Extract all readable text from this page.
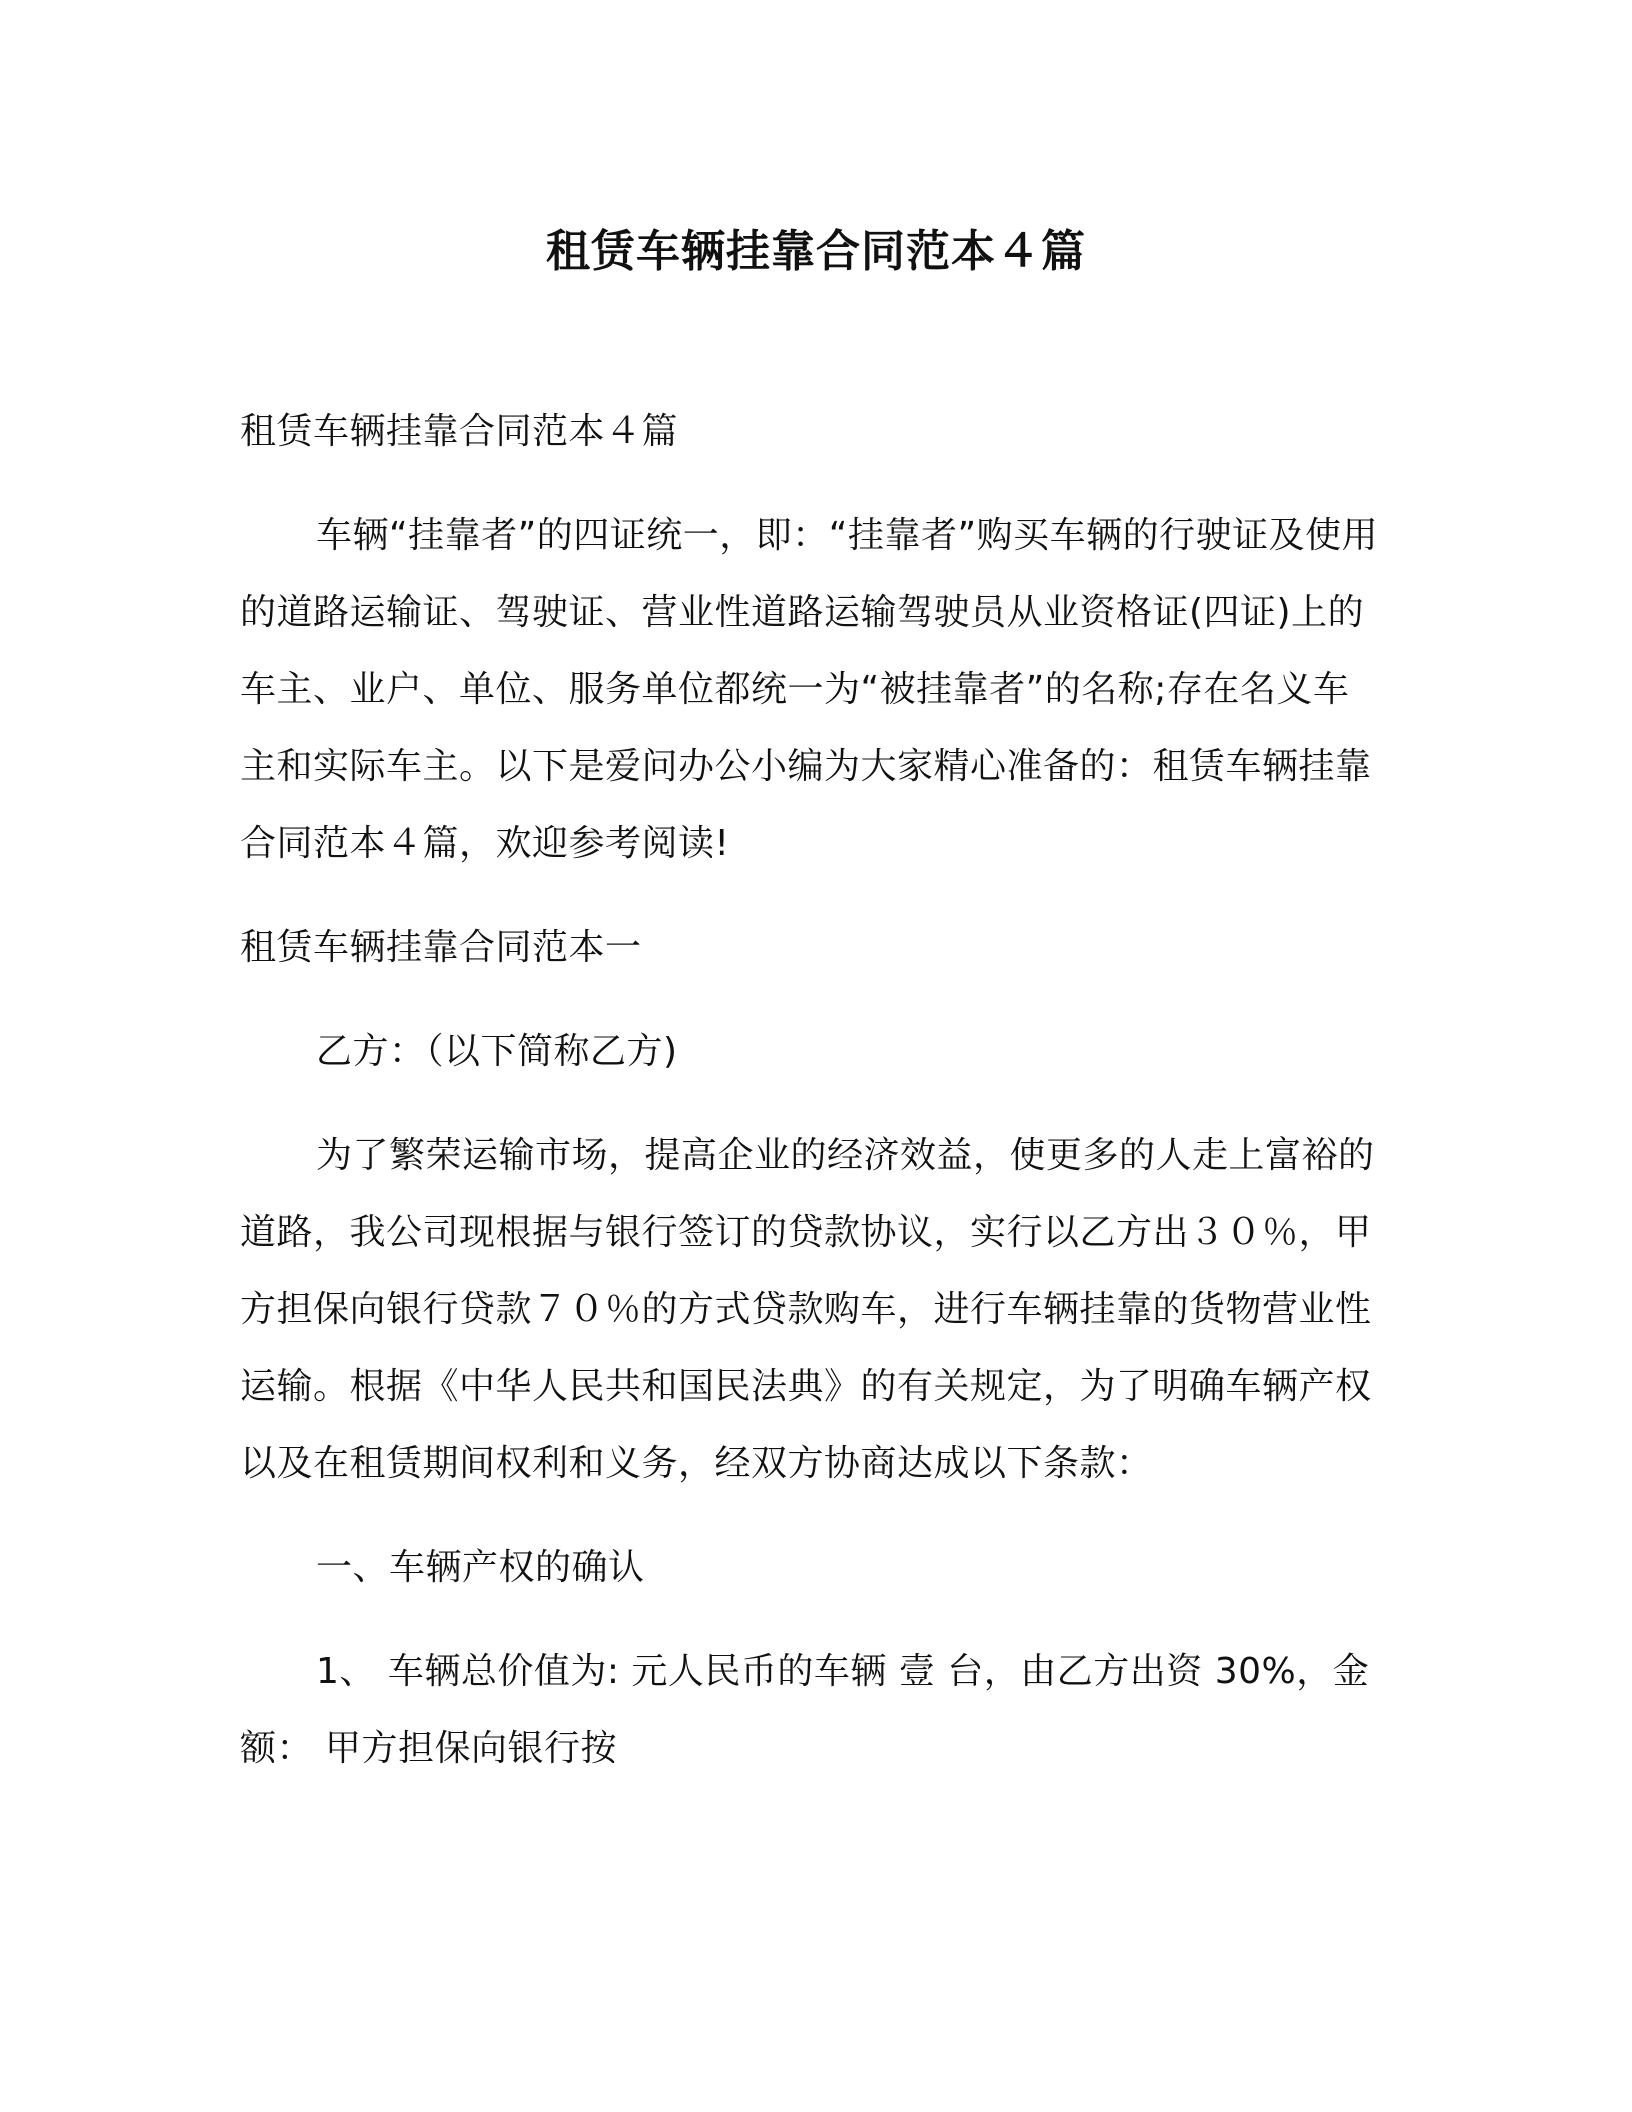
租赁车辆挂靠合同范本４篇

租赁车辆挂靠合同范本４篇

车辆“挂靠者”的四证统一，即：“挂靠者”购买车辆的行驶证及使用的道路运输证、驾驶证、营业性道路运输驾驶员从业资格证(四证)上的车主、业户、单位、服务单位都统一为“被挂靠者”的名称;存在名义车主和实际车主。以下是爱问办公小编为大家精心准备的：租赁车辆挂靠合同范本４篇，欢迎参考阅读!

租赁车辆挂靠合同范本一

乙方：（以下简称乙方)

为了繁荣运输市场，提高企业的经济效益，使更多的人走上富裕的道路，我公司现根据与银行签订的贷款协议，实行以乙方出３０％，甲方担保向银行贷款７０％的方式贷款购车，进行车辆挂靠的货物营业性运输。根据《中华人民共和国民法典》的有关规定，为了明确车辆产权以及在租赁期间权利和义务，经双方协商达成以下条款：

一、车辆产权的确认

1、 车辆总价值为: 元人民币的车辆 壹 台，由乙方出资 30%，金额： 甲方担保向银行按
